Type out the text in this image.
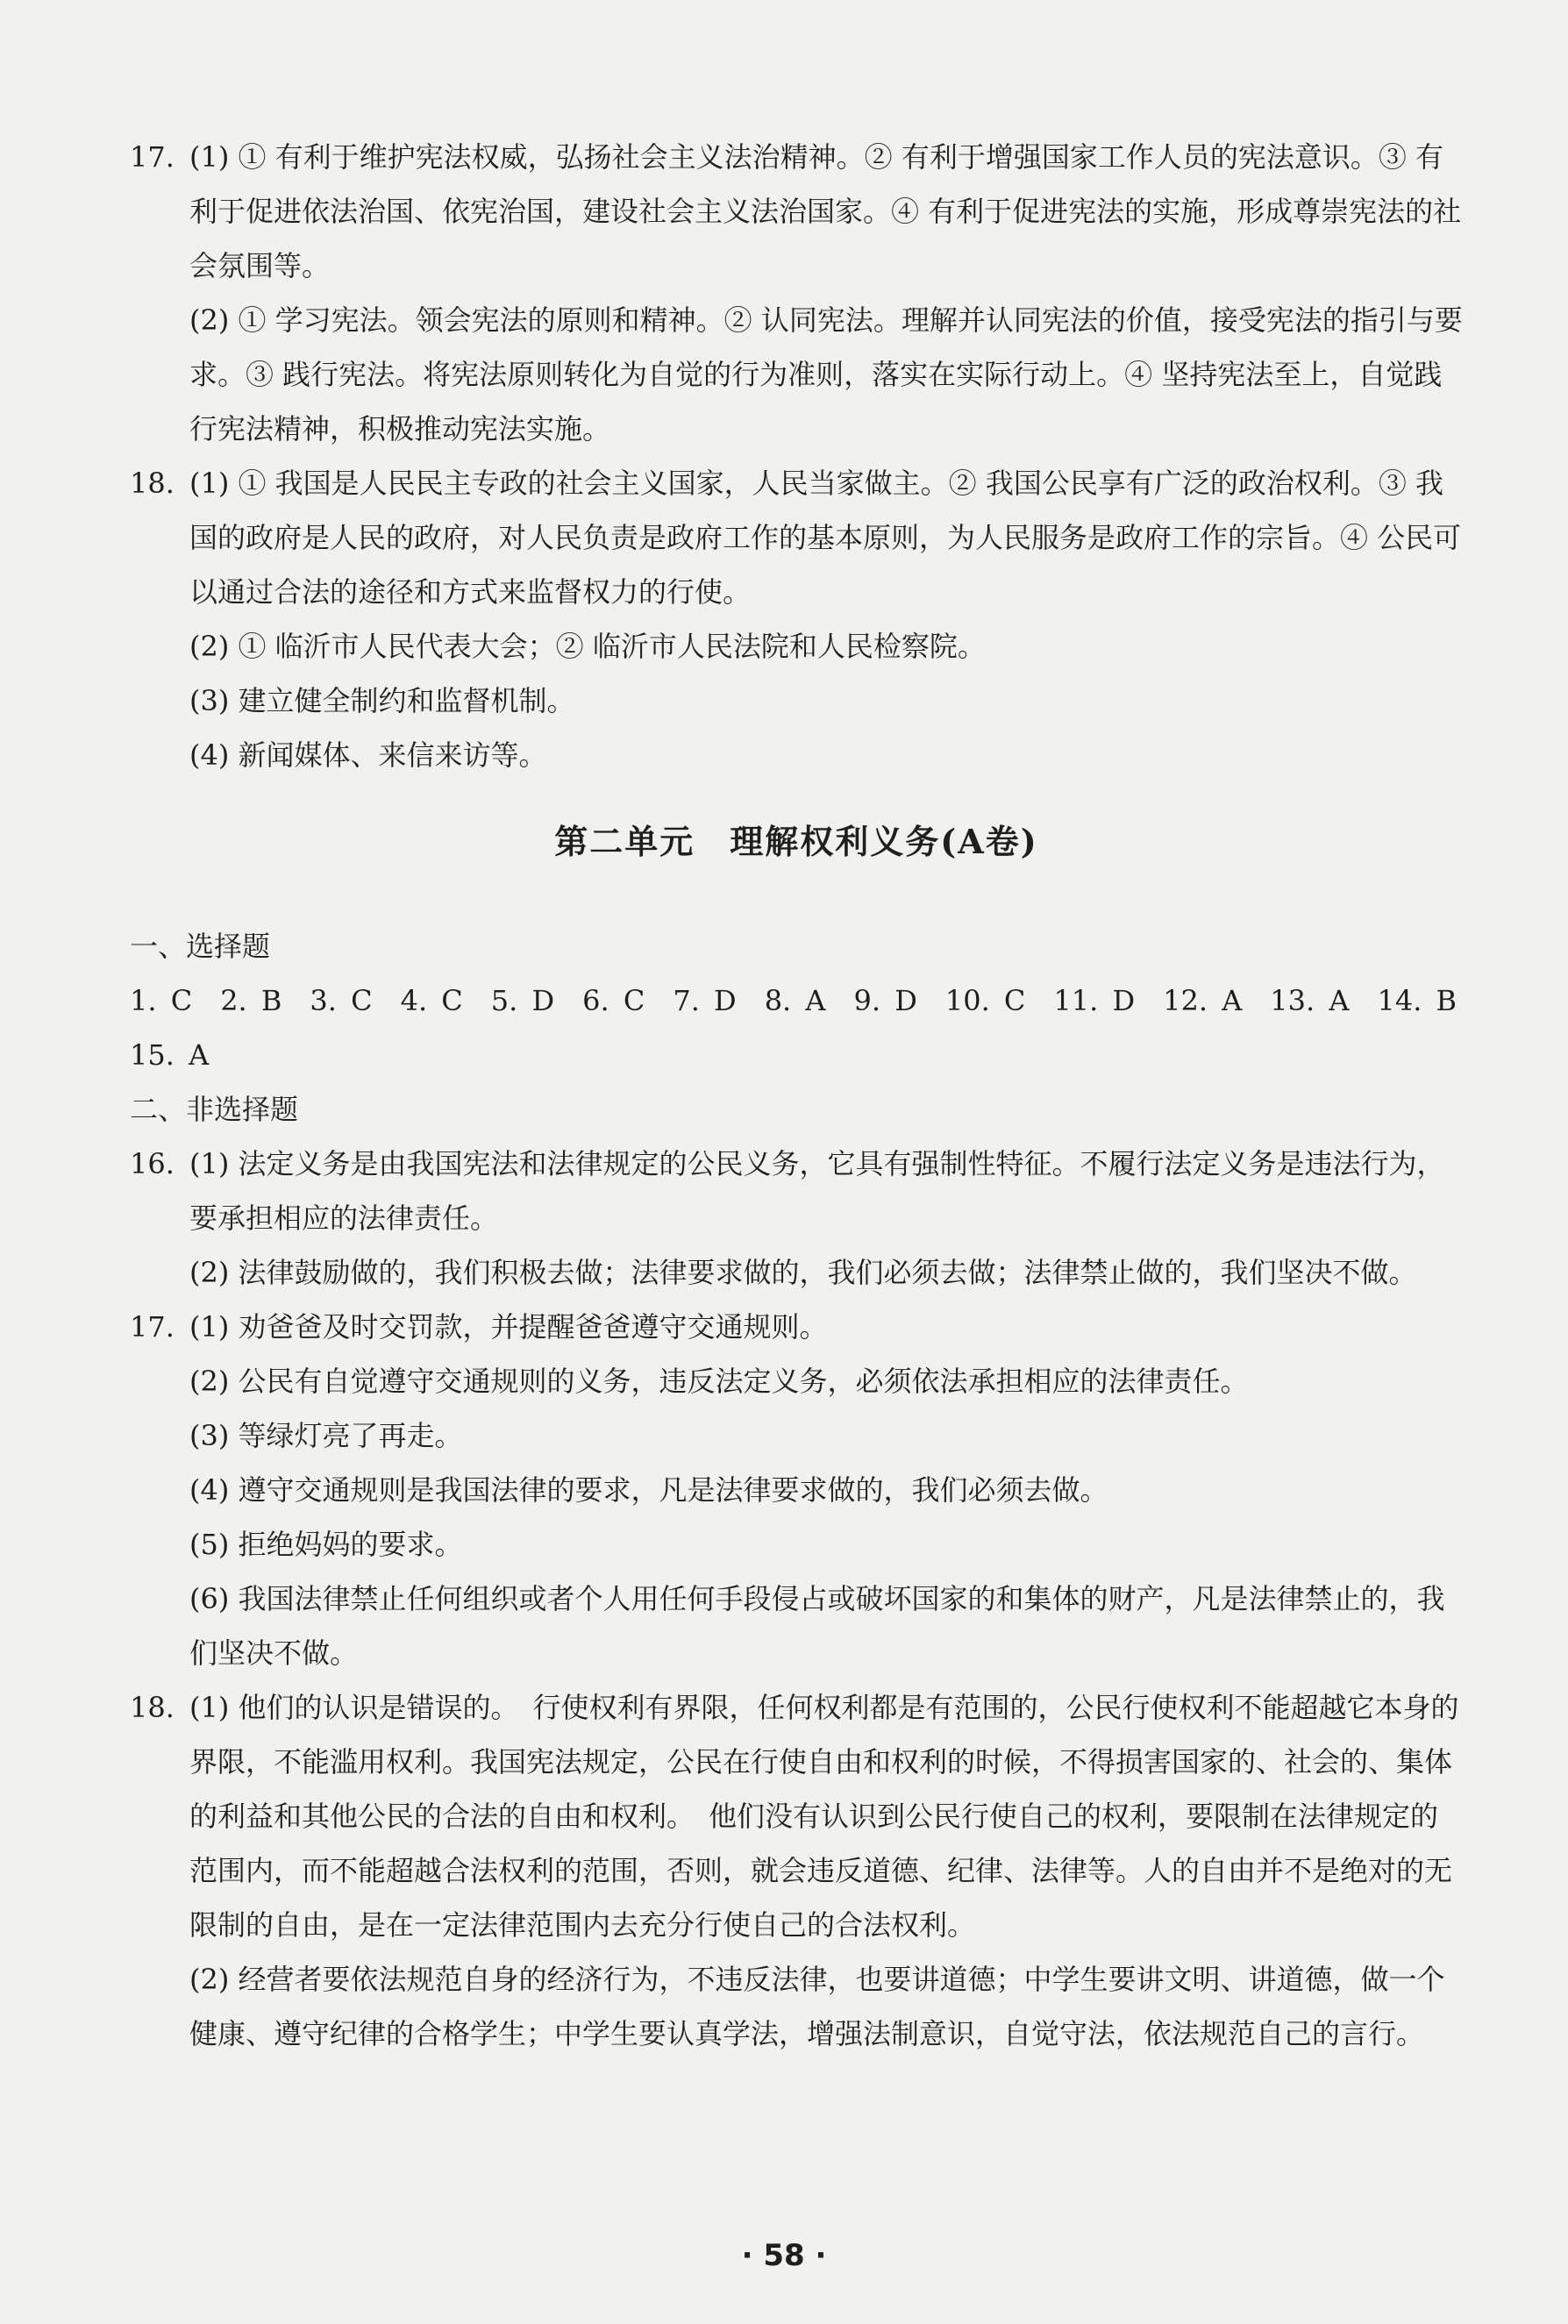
17. (1) ① 有利于维护宪法权威，弘扬社会主义法治精神。② 有利于增强国家工作人员的宪法意识。③ 有利于促进依法治国、依宪治国，建设社会主义法治国家。④ 有利于促进宪法的实施，形成尊崇宪法的社会氛围等。

(2) ① 学习宪法。领会宪法的原则和精神。② 认同宪法。理解并认同宪法的价值，接受宪法的指引与要求。③ 践行宪法。将宪法原则转化为自觉的行为准则，落实在实际行动上。④ 坚持宪法至上，自觉践行宪法精神，积极推动宪法实施。

18. (1) ① 我国是人民民主专政的社会主义国家，人民当家做主。② 我国公民享有广泛的政治权利。③ 我国的政府是人民的政府，对人民负责是政府工作的基本原则，为人民服务是政府工作的宗旨。④ 公民可以通过合法的途径和方式来监督权力的行使。

(2) ① 临沂市人民代表大会；② 临沂市人民法院和人民检察院。

(3) 建立健全制约和监督机制。

(4) 新闻媒体、来信来访等。

第二单元　理解权利义务(A卷)

一、选择题

1. C　2. B　3. C　4. C　5. D　6. C　7. D　8. A　9. D　10. C　11. D　12. A　13. A　14. B　15. A

二、非选择题

16. (1) 法定义务是由我国宪法和法律规定的公民义务，它具有强制性特征。不履行法定义务是违法行为，要承担相应的法律责任。

(2) 法律鼓励做的，我们积极去做；法律要求做的，我们必须去做；法律禁止做的，我们坚决不做。

17. (1) 劝爸爸及时交罚款，并提醒爸爸遵守交通规则。

(2) 公民有自觉遵守交通规则的义务，违反法定义务，必须依法承担相应的法律责任。

(3) 等绿灯亮了再走。

(4) 遵守交通规则是我国法律的要求，凡是法律要求做的，我们必须去做。

(5) 拒绝妈妈的要求。

(6) 我国法律禁止任何组织或者个人用任何手段侵占或破坏国家的和集体的财产，凡是法律禁止的，我们坚决不做。

18. (1) 他们的认识是错误的。　行使权利有界限，任何权利都是有范围的，公民行使权利不能超越它本身的界限，不能滥用权利。我国宪法规定，公民在行使自由和权利的时候，不得损害国家的、社会的、集体的利益和其他公民的合法的自由和权利。　他们没有认识到公民行使自己的权利，要限制在法律规定的范围内，而不能超越合法权利的范围，否则，就会违反道德、纪律、法律等。人的自由并不是绝对的无限制的自由，是在一定法律范围内去充分行使自己的合法权利。

(2) 经营者要依法规范自身的经济行为，不违反法律，也要讲道德；中学生要讲文明、讲道德，做一个健康、遵守纪律的合格学生；中学生要认真学法，增强法制意识，自觉守法，依法规范自己的言行。

· 58 ·
